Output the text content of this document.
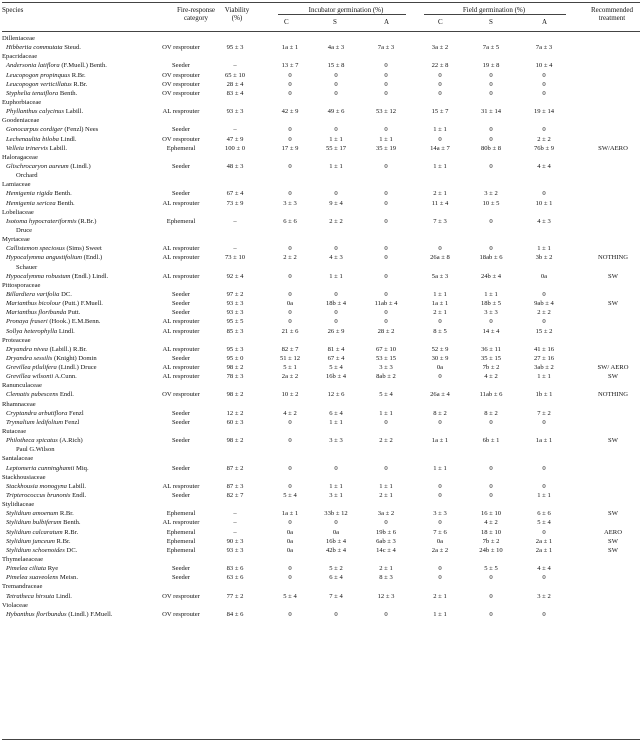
Species	Fire-response
category
Viability
(%)
Incubator germination (%)	Field germination (%)	Recommended
treatment
C	S	A	C	S	A
Dilleniaceae
Hibbertia commutata Steud.	OV resprouter	95 ± 3	1a ± 1	4a ± 3	7a ± 3	3a ± 2	7a ± 5	7a ± 3
Epacridaceae
Andersonia latiflora (F.Muell.) Benth.	Seeder	–	13 ± 7	15 ± 8	0	22 ± 8	19 ± 8	10 ± 4
Leucopogon propinquus R.Br.	OV resprouter	65 ± 10	0	0	0	0	0	0
Leucopogon verticillatus R.Br.	OV resprouter	28 ± 4	0	0	0	0	0	0
Styphelia tenuiflora Benth.	OV resprouter	83 ± 4	0	0	0	0	0	0
Euphorbiaceae
Phyllanthus calycinus Labill.	AL resprouter	93 ± 3	42 ± 9	49 ± 6	53 ± 12	15 ± 7	31 ± 14	19 ± 14
Goodeniaceae
Gonocarpus cordiger (Fenzl) Nees	Seeder	–	0	0	0	1 ± 1	0	0
Lechenaultia biloba Lindl.	OV resprouter	47 ± 9	0	1 ± 1	1 ± 1	0	0	2 ± 2
Velleia trinervis Labill.	Ephemeral	100 ± 0	17 ± 9	55 ± 17	35 ± 19	14a ± 7	80b ± 8	76b ± 9	SW/AERO
Haloragaceae
Glischrocaryon aureum (Lindl.)	Seeder	48 ± 3	0	1 ± 1	0	1 ± 1	0	4 ± 4
Orchard
Lamiaceae
Hemigenia rigida Benth.	Seeder	67 ± 4	0	0	0	2 ± 1	3 ± 2	0
Hemigenia sericea Benth.	AL resprouter	73 ± 9	3 ± 3	9 ± 4	0	11 ± 4	10 ± 5	10 ± 1
Lobeliaceae
Isotoma hypocrateriformis (R.Br.)	Ephemeral	–	6 ± 6	2 ± 2	0	7 ± 3	0	4 ± 3
Druce
Myrtaceae
Callistemon speciosus (Sims) Sweet	AL resprouter	–	0	0	0	0	0	1 ± 1
Hypocalymma angustifolium (Endl.)	AL resprouter	73 ± 10	2 ± 2	4 ± 3	0	26a ± 8	18ab ± 6	3b ± 2	NOTHING
Schauer
Hypocalymma robustum (Endl.) Lindl.	AL resprouter	92 ± 4	0	1 ± 1	0	5a ± 3	24b ± 4	0a	SW
Pittosporaceae
Billardiera varifolia DC.	Seeder	97 ± 2	0	0	0	1 ± 1	1 ± 1	0
Marianthus bicolour (Putt.) F.Muell.	Seeder	93 ± 3	0a	18b ± 4	11ab ± 4	1a ± 1	18b ± 5	9ab ± 4	SW
Marianthus floribunda Putt.	Seeder	93 ± 3	0	0	0	2 ± 1	3 ± 3	2 ± 2
Pronaya fraseri (Hook.) E.M.Benn.	AL resprouter	95 ± 5	0	0	0	0	0	0
Sollya heterophylla Lindl.	AL resprouter	85 ± 3	21 ± 6	26 ± 9	28 ± 2	8 ± 5	14 ± 4	15 ± 2
Proteaceae
Dryandra nivea (Labill.) R.Br.	AL resprouter	95 ± 3	82 ± 7	81 ± 4	67 ± 10	52 ± 9	36 ± 11	41 ± 16
Dryandra sessilis (Knight) Domin	Seeder	95 ± 0	51 ± 12	67 ± 4	53 ± 15	30 ± 9	35 ± 15	27 ± 16
Grevillea pilulifera (Lindl.) Druce	AL resprouter	98 ± 2	5 ± 1	5 ± 4	3 ± 3	0a	7b ± 2	3ab ± 2	SW/ AERO
Grevillea wilsonii A.Cunn.	AL resprouter	78 ± 3	2a ± 2	16b ± 4	8ab ± 2	0	4 ± 2	1 ± 1	SW
Ranunculaceae
Clematis pubescens Endl.	OV resprouter	98 ± 2	10 ± 2	12 ± 6	5 ± 4	26a ± 4	11ab ± 6	1b ± 1	NOTHING
Rhamnaceae
Cryptandra arbutiflora Fenzl	Seeder	12 ± 2	4 ± 2	6 ± 4	1 ± 1	8 ± 2	8 ± 2	7 ± 2
Trymalium ledifolium Fenzl	Seeder	60 ± 3	0	1 ± 1	0	0	0	0
Rutaceae
Philotheca spicatus (A.Rich)	Seeder	98 ± 2	0	3 ± 3	2 ± 2	1a ± 1	6b ± 1	1a ± 1	SW
Paul G.Wilson
Santalaceae
Leptomeria cunninghamii Miq.	Seeder	87 ± 2	0	0	0	1 ± 1	0	0
Stackhousiaceae
Stackhousia monogyna Labill.	AL resprouter	87 ± 3	0	1 ± 1	1 ± 1	0	0	0
Tripterococcus brunonis Endl.	Seeder	82 ± 7	5 ± 4	3 ± 1	2 ± 1	0	0	1 ± 1
Stylidiaceae
Stylidium amoenum R.Br.	Ephemeral	–	1a ± 1	33b ± 12	3a ± 2	3 ± 3	16 ± 10	6 ± 6	SW
Stylidium bulbiferum Benth.	AL resprouter	–	0	0	0	0	4 ± 2	5 ± 4
Stylidium calcaratum R.Br.	Ephemeral	–	0a	0a	19b ± 6	7 ± 6	18 ± 10	0	AERO
Stylidium junceum R.Br.	Ephemeral	90 ± 3	0a	16b ± 4	6ab ± 3	0a	7b ± 2	2a ± 1	SW
Stylidium schoenoides DC.	Ephemeral	93 ± 3	0a	42b ± 4	14c ± 4	2a ± 2	24b ± 10	2a ± 1	SW
Thymelaeaceae
Pimelea ciliata Rye	Seeder	83 ± 6	0	5 ± 2	2 ± 1	0	5 ± 5	4 ± 4
Pimelea suaveolens Meisn.	Seeder	63 ± 6	0	6 ± 4	8 ± 3	0	0	0
Tremandraceae
Tetratheca hirsuta Lindl.	OV resprouter	77 ± 2	5 ± 4	7 ± 4	12 ± 3	2 ± 1	0	3 ± 2
Violaceae
Hybanthus floribundus (Lindl.) F.Muell.	OV resprouter	84 ± 6	0	0	0	1 ± 1	0	0
